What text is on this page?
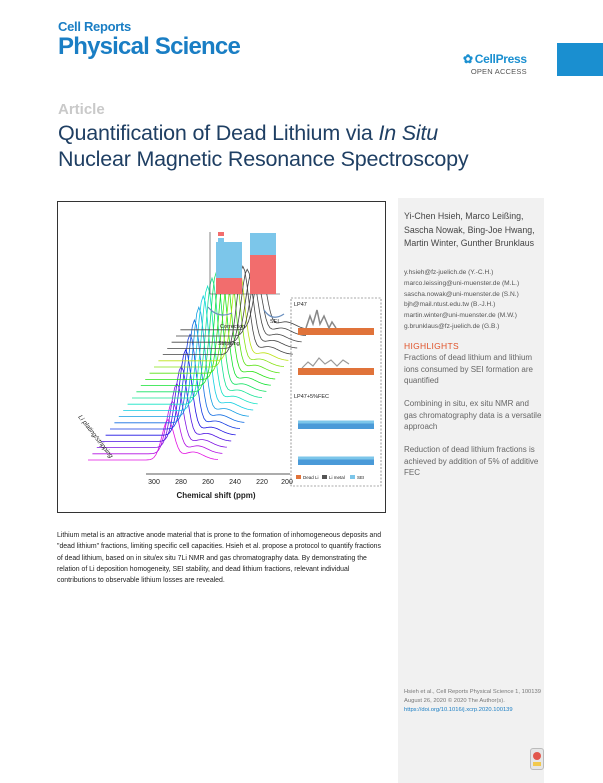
Cell Reports
Physical Science	✿ CellPress
OPEN ACCESS
Article
Quantification of Dead Lithium via In Situ
Nuclear Magnetic Resonance Spectroscopy
Yi-Chen Hsieh, Marco Leißing, Sascha Nowak, Bing-Joe Hwang, Martin Winter, Gunther Brunklaus
y.hsieh@fz-juelich.de (Y.-C.H.)
marco.leissing@uni-muenster.de (M.L.)
sascha.nowak@uni-muenster.de (S.N.)
bjh@mail.ntust.edu.tw (B.-J.H.)
martin.winter@uni-muenster.de (M.W.)
g.brunklaus@fz-juelich.de (G.B.)
HIGHLIGHTS
Fractions of dead lithium and lithium ions consumed by SEI formation are quantified
Combining in situ, ex situ NMR and gas chromatography data is a versatile approach
Reduction of dead lithium fractions is achieved by addition of 5% of additive FEC
300 280 260 240 220 200
Chemical shift (ppm)
Li plating/stripping
Stripping
Correction
SEI
LP47
LP47+5%FEC
Dead Li Li metal	SEI
Lithium metal is an attractive anode material that is prone to the formation of inhomogeneous deposits and "dead lithium" fractions, limiting specific cell capacities. Hsieh et al. propose a protocol to quantify fractions of dead lithium, based on in situ/ex situ 7Li NMR and gas chromatography data. By demonstrating the relation of Li deposition homogeneity, SEI stability, and dead lithium fractions, relevant individual contributions to observable lithium losses are revealed.
Hsieh et al., Cell Reports Physical Science 1, 100139
August 26, 2020 © 2020 The Author(s).
https://doi.org/10.1016/j.xcrp.2020.100139
